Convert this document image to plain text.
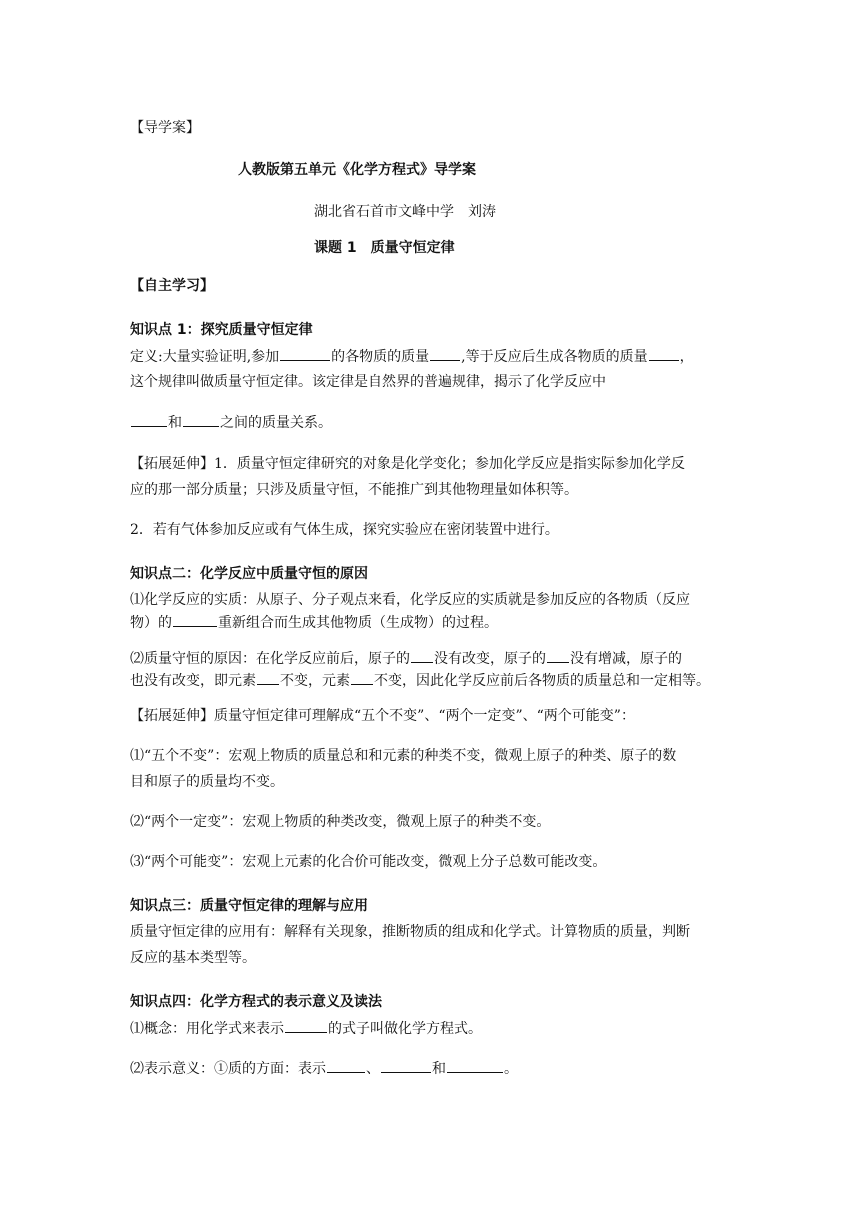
【导学案】
人教版第五单元《化学方程式》导学案
湖北省石首市文峰中学　刘涛
课题 1　质量守恒定律
【自主学习】
知识点 1：探究质量守恒定律
定义:大量实验证明,参加	的各物质的质量 ,等于反应后生成各物质的质量 ，
这个规律叫做质量守恒定律。该定律是自然界的普遍规律，揭示了化学反应中
和	之间的质量关系。
【拓展延伸】1．质量守恒定律研究的对象是化学变化；参加化学反应是指实际参加化学反
应的那一部分质量；只涉及质量守恒，不能推广到其他物理量如体积等。
2．若有气体参加反应或有气体生成，探究实验应在密闭装置中进行。
知识点二：化学反应中质量守恒的原因
⑴化学反应的实质：从原子、分子观点来看，化学反应的实质就是参加反应的各物质（反应
物）的	重新组合而生成其他物质（生成物）的过程。
⑵质量守恒的原因：在化学反应前后，原子的 没有改变，原子的 没有增减，原子的
也没有改变，即元素 不变，元素 不变，因此化学反应前后各物质的质量总和一定相等。
【拓展延伸】质量守恒定律可理解成“五个不变”、“两个一定变”、“两个可能变”：
⑴“五个不变”：宏观上物质的质量总和和元素的种类不变，微观上原子的种类、原子的数
目和原子的质量均不变。
⑵“两个一定变”：宏观上物质的种类改变，微观上原子的种类不变。
⑶“两个可能变”：宏观上元素的化合价可能改变，微观上分子总数可能改变。
知识点三：质量守恒定律的理解与应用
质量守恒定律的应用有：解释有关现象，推断物质的组成和化学式。计算物质的质量，判断
反应的基本类型等。
知识点四：化学方程式的表示意义及读法
⑴概念：用化学式来表示	的式子叫做化学方程式。
⑵表示意义：①质的方面：表示	、	和	。
